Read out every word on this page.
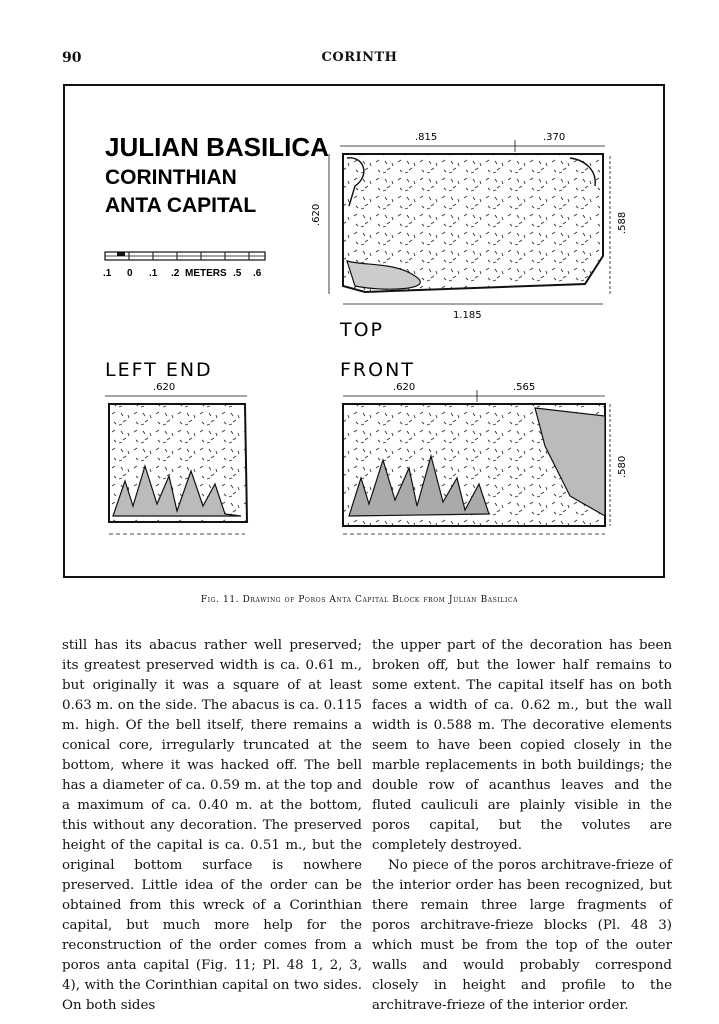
90	CORINTH
JULIAN BASILICA
CORINTHIAN
ANTA CAPITAL
.1 0 .1 .2 METERS .5 .6
.815	.370
.620	.588
1.185
TOP
LEFT END
.620
FRONT
.620	.565
.580
Fig. 11. Drawing of Poros Anta Capital Block from Julian Basilica

still has its abacus rather well preserved; its greatest preserved width is ca. 0.61 m., but originally it was a square of at least 0.63 m. on the side. The abacus is ca. 0.115 m. high. Of the bell itself, there remains a conical core, irregularly truncated at the bottom, where it was hacked off. The bell has a diameter of ca. 0.59 m. at the top and a maximum of ca. 0.40 m. at the bottom, this without any decoration. The preserved height of the capital is ca. 0.51 m., but the original bottom surface is nowhere preserved. Little idea of the order can be obtained from this wreck of a Corinthian capital, but much more help for the reconstruction of the order comes from a poros anta capital (Fig. 11; Pl. 48 1, 2, 3, 4), with the Corinthian capital on two sides. On both sides

the upper part of the decoration has been broken off, but the lower half remains to some extent. The capital itself has on both faces a width of ca. 0.62 m., but the wall width is 0.588 m. The decorative elements seem to have been copied closely in the marble replacements in both buildings; the double row of acanthus leaves and the fluted cauliculi are plainly visible in the poros capital, but the volutes are completely destroyed.

No piece of the poros architrave-frieze of the interior order has been recognized, but there remain three large fragments of poros architrave-frieze blocks (Pl. 48 3) which must be from the top of the outer walls and would probably correspond closely in height and profile to the architrave-frieze of the interior order.
